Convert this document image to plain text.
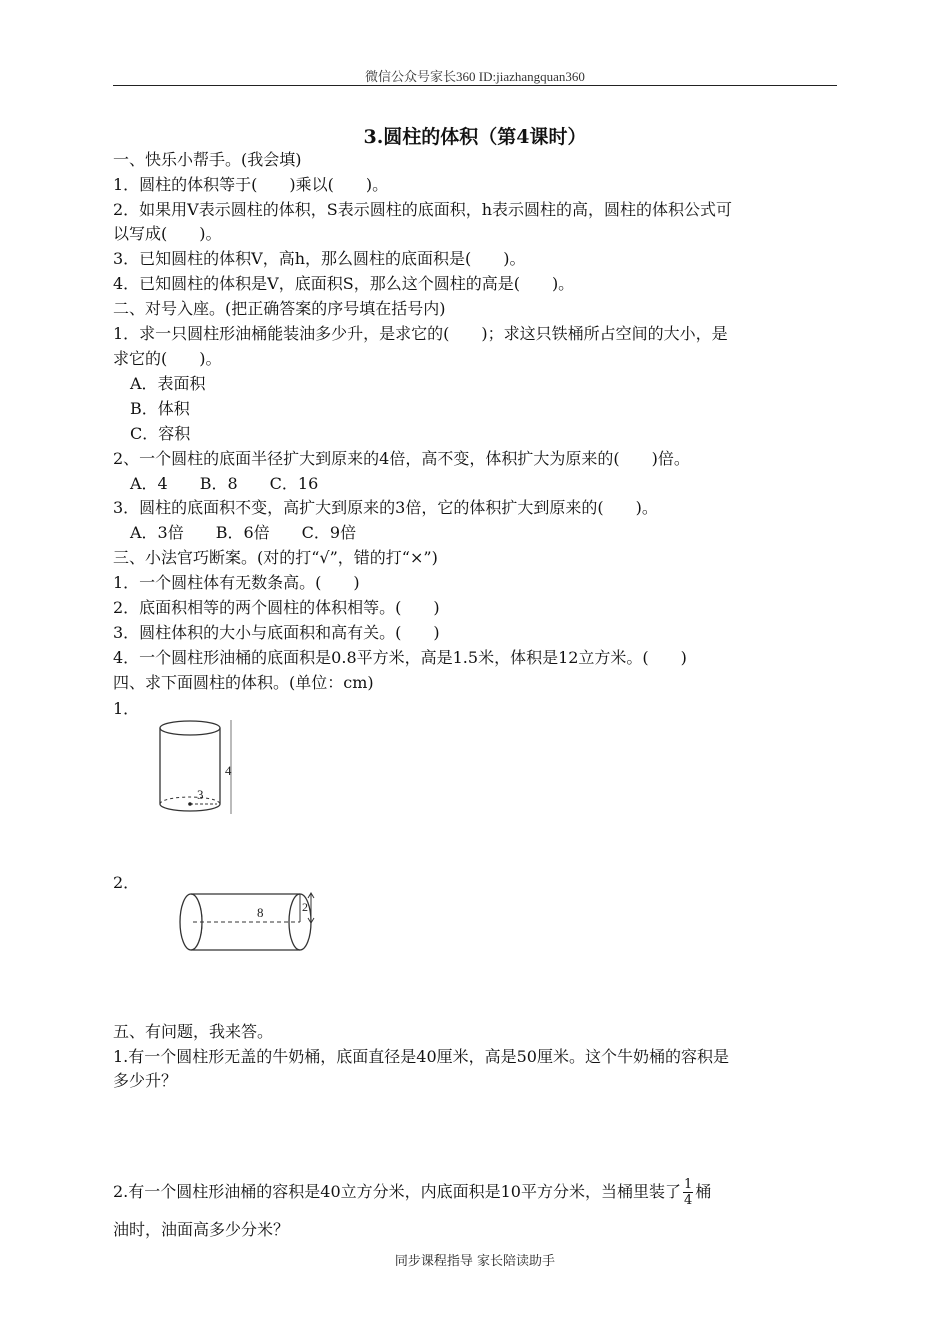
微信公众号家长360 ID:jiazhangquan360
3.圆柱的体积（第4课时）
一、快乐小帮手。(我会填)
1．圆柱的体积等于(　　)乘以(　　)。
2．如果用V表示圆柱的体积，S表示圆柱的底面积，h表示圆柱的高，圆柱的体积公式可
以写成(　　)。
3．已知圆柱的体积V，高h，那么圆柱的底面积是(　　)。
4．已知圆柱的体积是V，底面积S，那么这个圆柱的高是(　　)。
二、对号入座。(把正确答案的序号填在括号内)
1．求一只圆柱形油桶能装油多少升，是求它的(　　)；求这只铁桶所占空间的大小，是
求它的(　　)。
A．表面积
B．体积
C．容积
2、一个圆柱的底面半径扩大到原来的4倍，高不变，体积扩大为原来的(　　)倍。
A．4　　B．8　　C．16
3．圆柱的底面积不变，高扩大到原来的3倍，它的体积扩大到原来的(　　)。
A．3倍　　B．6倍　　C．9倍
三、小法官巧断案。(对的打“√”，错的打“×”)
1．一个圆柱体有无数条高。(　　)
2．底面积相等的两个圆柱的体积相等。(　　)
3．圆柱体积的大小与底面积和高有关。(　　)
4．一个圆柱形油桶的底面积是0.8平方米，高是1.5米，体积是12立方米。(　　)
四、求下面圆柱的体积。(单位：cm)
1．
4
3
2．
8	2
五、有问题，我来答。
1.有一个圆柱形无盖的牛奶桶，底面直径是40厘米，高是50厘米。这个牛奶桶的容积是
多少升？
2.有一个圆柱形油桶的容积是40立方分米，内底面积是10平方分米，当桶里装了 $\frac{1}{4}$ 桶
油时，油面高多少分米？
同步课程指导 家长陪读助手
